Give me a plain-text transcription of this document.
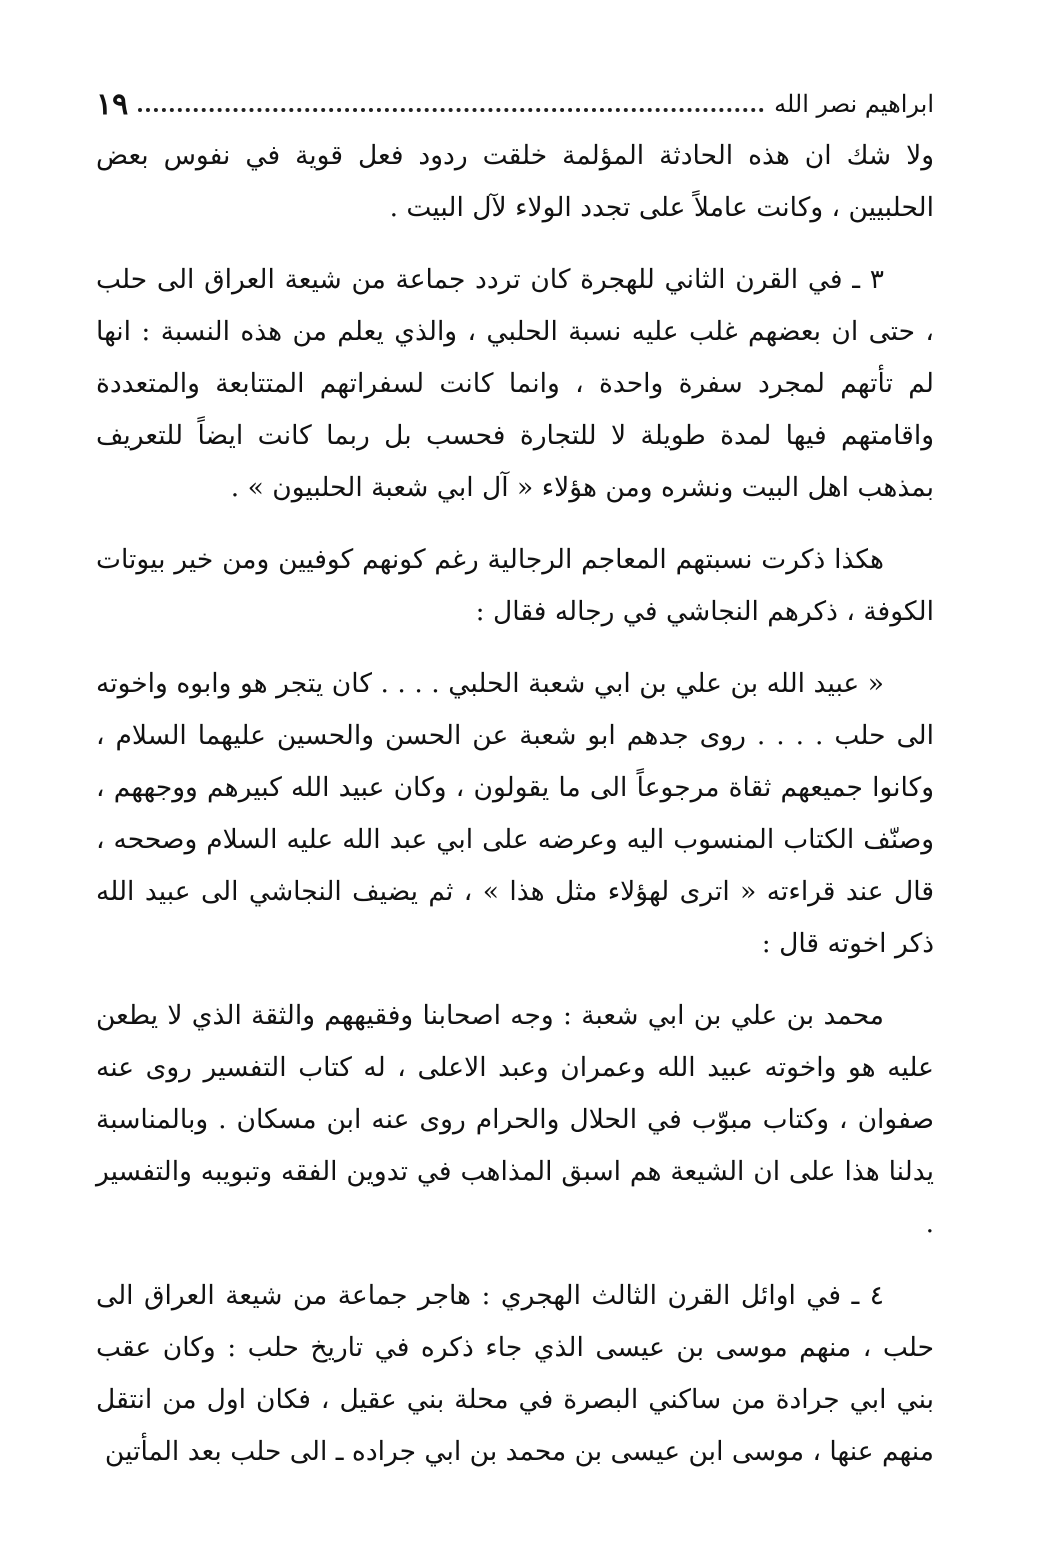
ابراهيم نصر الله
١٩

ولا شك ان هذه الحادثة المؤلمة خلقت ردود فعل قوية في نفوس بعض الحلبيين ، وكانت عاملاً على تجدد الولاء لآل البيت .

٣ ـ في القرن الثاني للهجرة كان تردد جماعة من شيعة العراق الى حلب ، حتى ان بعضهم غلب عليه نسبة الحلبي ، والذي يعلم من هذه النسبة : انها لم تأتهم لمجرد سفرة واحدة ، وانما كانت لسفراتهم المتتابعة والمتعددة واقامتهم فيها لمدة طويلة لا للتجارة فحسب بل ربما كانت ايضاً للتعريف بمذهب اهل البيت ونشره ومن هؤلاء « آل ابي شعبة الحلبيون » .

هكذا ذكرت نسبتهم المعاجم الرجالية رغم كونهم كوفيين ومن خير بيوتات الكوفة ، ذكرهم النجاشي في رجاله فقال :

« عبيد الله بن علي بن ابي شعبة الحلبي . . . . كان يتجر هو وابوه واخوته الى حلب . . . . روى جدهم ابو شعبة عن الحسن والحسين عليهما السلام ، وكانوا جميعهم ثقاة مرجوعاً الى ما يقولون ، وكان عبيد الله كبيرهم ووجههم ، وصنّف الكتاب المنسوب اليه وعرضه على ابي عبد الله عليه السلام وصححه ، قال عند قراءته « اترى لهؤلاء مثل هذا » ، ثم يضيف النجاشي الى عبيد الله ذكر اخوته قال :

محمد بن علي بن ابي شعبة : وجه اصحابنا وفقيههم والثقة الذي لا يطعن عليه هو واخوته عبيد الله وعمران وعبد الاعلى ، له كتاب التفسير روى عنه صفوان ، وكتاب مبوّب في الحلال والحرام روى عنه ابن مسكان . وبالمناسبة يدلنا هذا على ان الشيعة هم اسبق المذاهب في تدوين الفقه وتبويبه والتفسير .

٤ ـ في اوائل القرن الثالث الهجري : هاجر جماعة من شيعة العراق الى حلب ، منهم موسى بن عيسى الذي جاء ذكره في تاريخ حلب : وكان عقب بني ابي جرادة من ساكني البصرة في محلة بني عقيل ، فكان اول من انتقل منهم عنها ، موسى ابن عيسى بن محمد بن ابي جراده ـ الى حلب بعد المأتين
